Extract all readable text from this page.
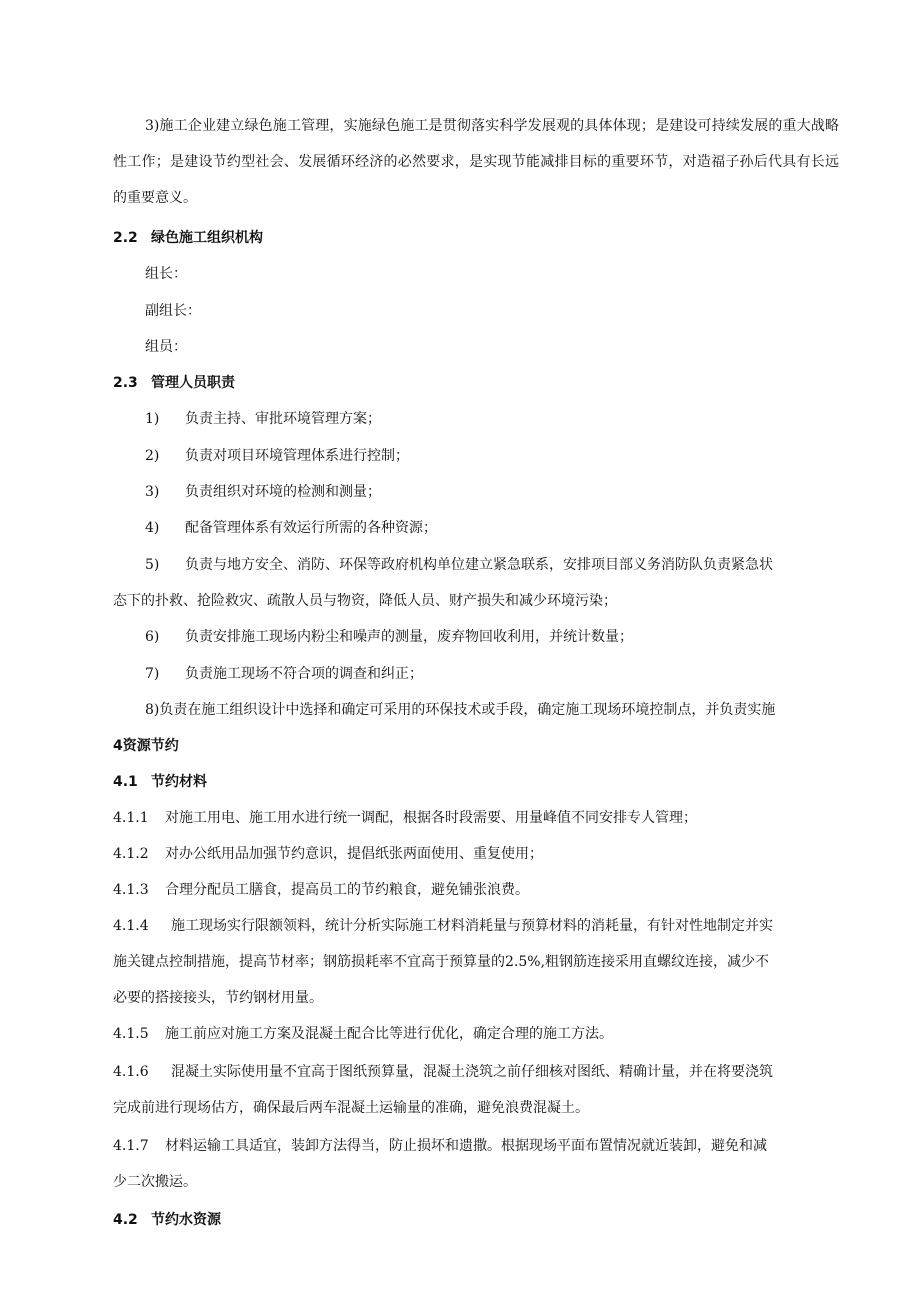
3)施工企业建立绿色施工管理，实施绿色施工是贯彻落实科学发展观的具体体现；是建设可持续发展的重大战略性工作；是建设节约型社会、发展循环经济的必然要求，是实现节能减排目标的重要环节，对造福子孙后代具有长远的重要意义。
2.2 绿色施工组织机构
组长：
副组长：
组员：
2.3 管理人员职责
1) 负责主持、审批环境管理方案；
2) 负责对项目环境管理体系进行控制；
3) 负责组织对环境的检测和测量；
4) 配备管理体系有效运行所需的各种资源；
5) 负责与地方安全、消防、环保等政府机构单位建立紧急联系，安排项目部义务消防队负责紧急状
态下的扑救、抢险救灾、疏散人员与物资，降低人员、财产损失和减少环境污染；
6) 负责安排施工现场内粉尘和噪声的测量，废弃物回收利用，并统计数量；
7) 负责施工现场不符合项的调查和纠正；
8)负责在施工组织设计中选择和确定可采用的环保技术或手段，确定施工现场环境控制点，并负责实施
4资源节约
4.1 节约材料
4.1.1 对施工用电、施工用水进行统一调配，根据各时段需要、用量峰值不同安排专人管理；
4.1.2 对办公纸用品加强节约意识，提倡纸张两面使用、重复使用；
4.1.3 合理分配员工膳食，提高员工的节约粮食，避免铺张浪费。
4.1.4 施工现场实行限额领料，统计分析实际施工材料消耗量与预算材料的消耗量，有针对性地制定并实
施关键点控制措施，提高节材率；钢筋损耗率不宜高于预算量的2.5%,粗钢筋连接采用直螺纹连接，减少不
必要的搭接接头，节约钢材用量。
4.1.5 施工前应对施工方案及混凝土配合比等进行优化，确定合理的施工方法。
4.1.6 混凝土实际使用量不宜高于图纸预算量，混凝土浇筑之前仔细核对图纸、精确计量，并在将要浇筑
完成前进行现场估方，确保最后两车混凝土运输量的准确，避免浪费混凝土。
4.1.7 材料运输工具适宜，装卸方法得当，防止损坏和遗撒。根据现场平面布置情况就近装卸，避免和减
少二次搬运。
4.2 节约水资源
